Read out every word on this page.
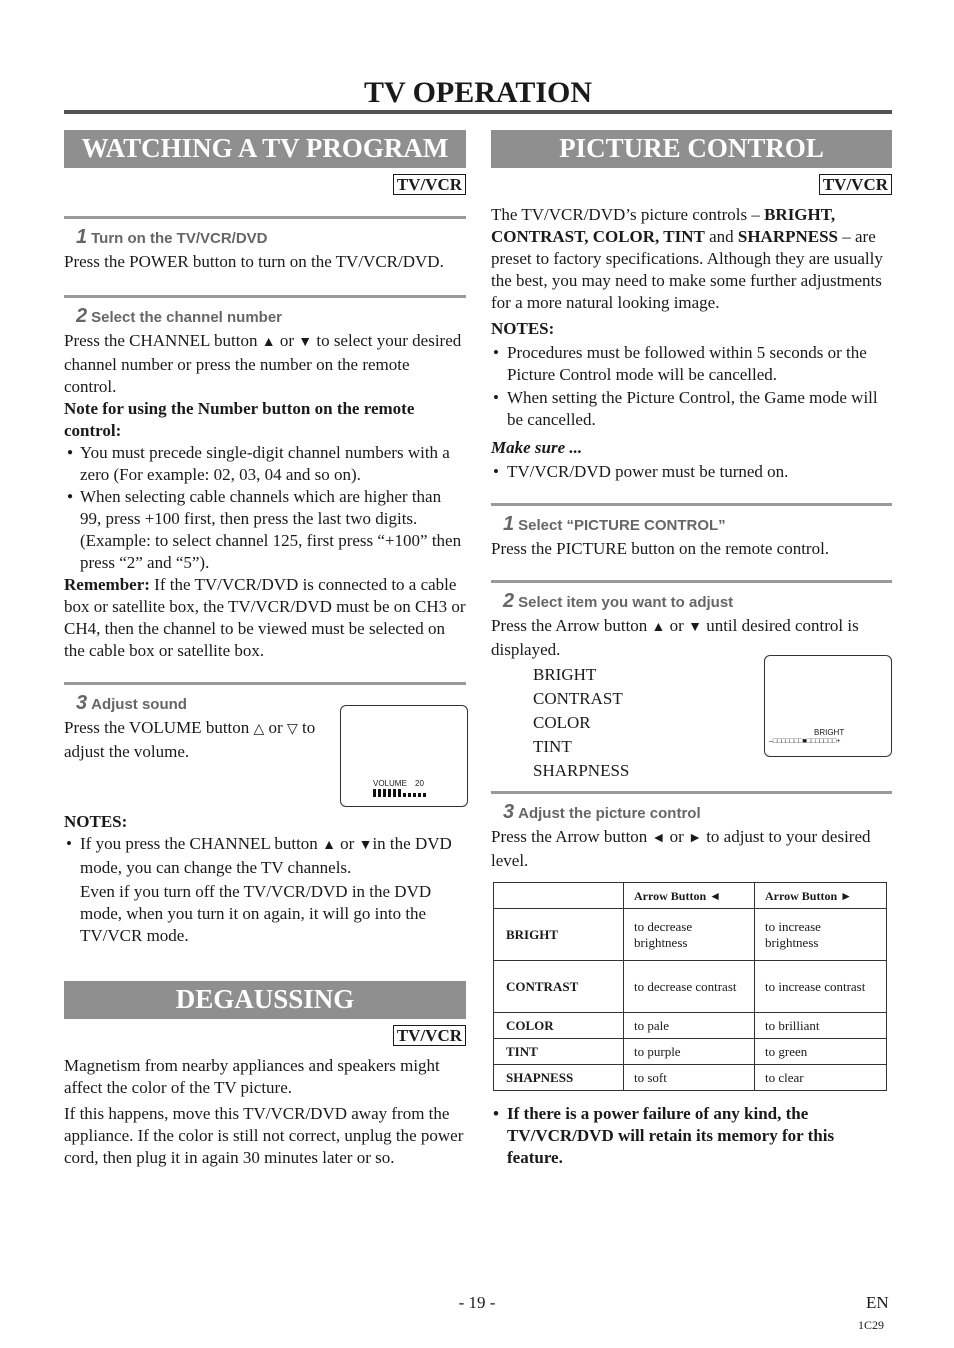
TV OPERATION
WATCHING A TV PROGRAM
TV/VCR
1 Turn on the TV/VCR/DVD

Press the POWER button to turn on the TV/VCR/DVD.

2 Select the channel number

Press the CHANNEL button ▲ or ▼ to select your desired channel number or press the number on the remote control.

Note for using the Number button on the remote control:

● You must precede single-digit channel numbers with a zero (For example: 02, 03, 04 and so on).
● When selecting cable channels which are higher than 99, press +100 first, then press the last two digits. (Example: to select channel 125, first press “+100” then press “2” and “5”).

Remember: If the TV/VCR/DVD is connected to a cable box or satellite box, the TV/VCR/DVD must be on CH3 or CH4, then the channel to be viewed must be selected on the cable box or satellite box.

3 Adjust sound

Press the VOLUME button △ or ▽ to adjust the volume.

VOLUME 20

NOTES:

• If you press the CHANNEL button ▲ or ▼in the DVD mode, you can change the TV channels.

Even if you turn off the TV/VCR/DVD in the DVD mode, when you turn it on again, it will go into the TV/VCR mode.

DEGAUSSING
TV/VCR

Magnetism from nearby appliances and speakers might affect the color of the TV picture.

If this happens, move this TV/VCR/DVD away from the appliance. If the color is still not correct, unplug the power cord, then plug it in again 30 minutes later or so.

PICTURE CONTROL
TV/VCR

The TV/VCR/DVD’s picture controls – BRIGHT, CONTRAST, COLOR, TINT and SHARPNESS – are preset to factory specifications. Although they are usually the best, you may need to make some further adjustments for a more natural looking image.

NOTES:

• Procedures must be followed within 5 seconds or the Picture Control mode will be cancelled.
• When setting the Picture Control, the Game mode will be cancelled.

Make sure ...

• TV/VCR/DVD power must be turned on.
1 Select “PICTURE CONTROL”

Press the PICTURE button on the remote control.

2 Select item you want to adjust

Press the Arrow button ▲ or ▼ until desired control is displayed.

BRIGHT
CONTRAST
COLOR
TINT
SHARPNESS
BRIGHT
–□□□□□□□■□□□□□□□+
3 Adjust the picture control

Press the Arrow button ◄ or ► to adjust to your desired level.

	Arrow Button ◄	Arrow Button ►
BRIGHT	to decrease brightness	to increase brightness
CONTRAST	to decrease contrast	to increase contrast
COLOR	to pale	to brilliant
TINT	to purple	to green
SHAPNESS	to soft	to clear
• If there is a power failure of any kind, the TV/VCR/DVD will retain its memory for this feature.
- 19 -	EN
1C29
